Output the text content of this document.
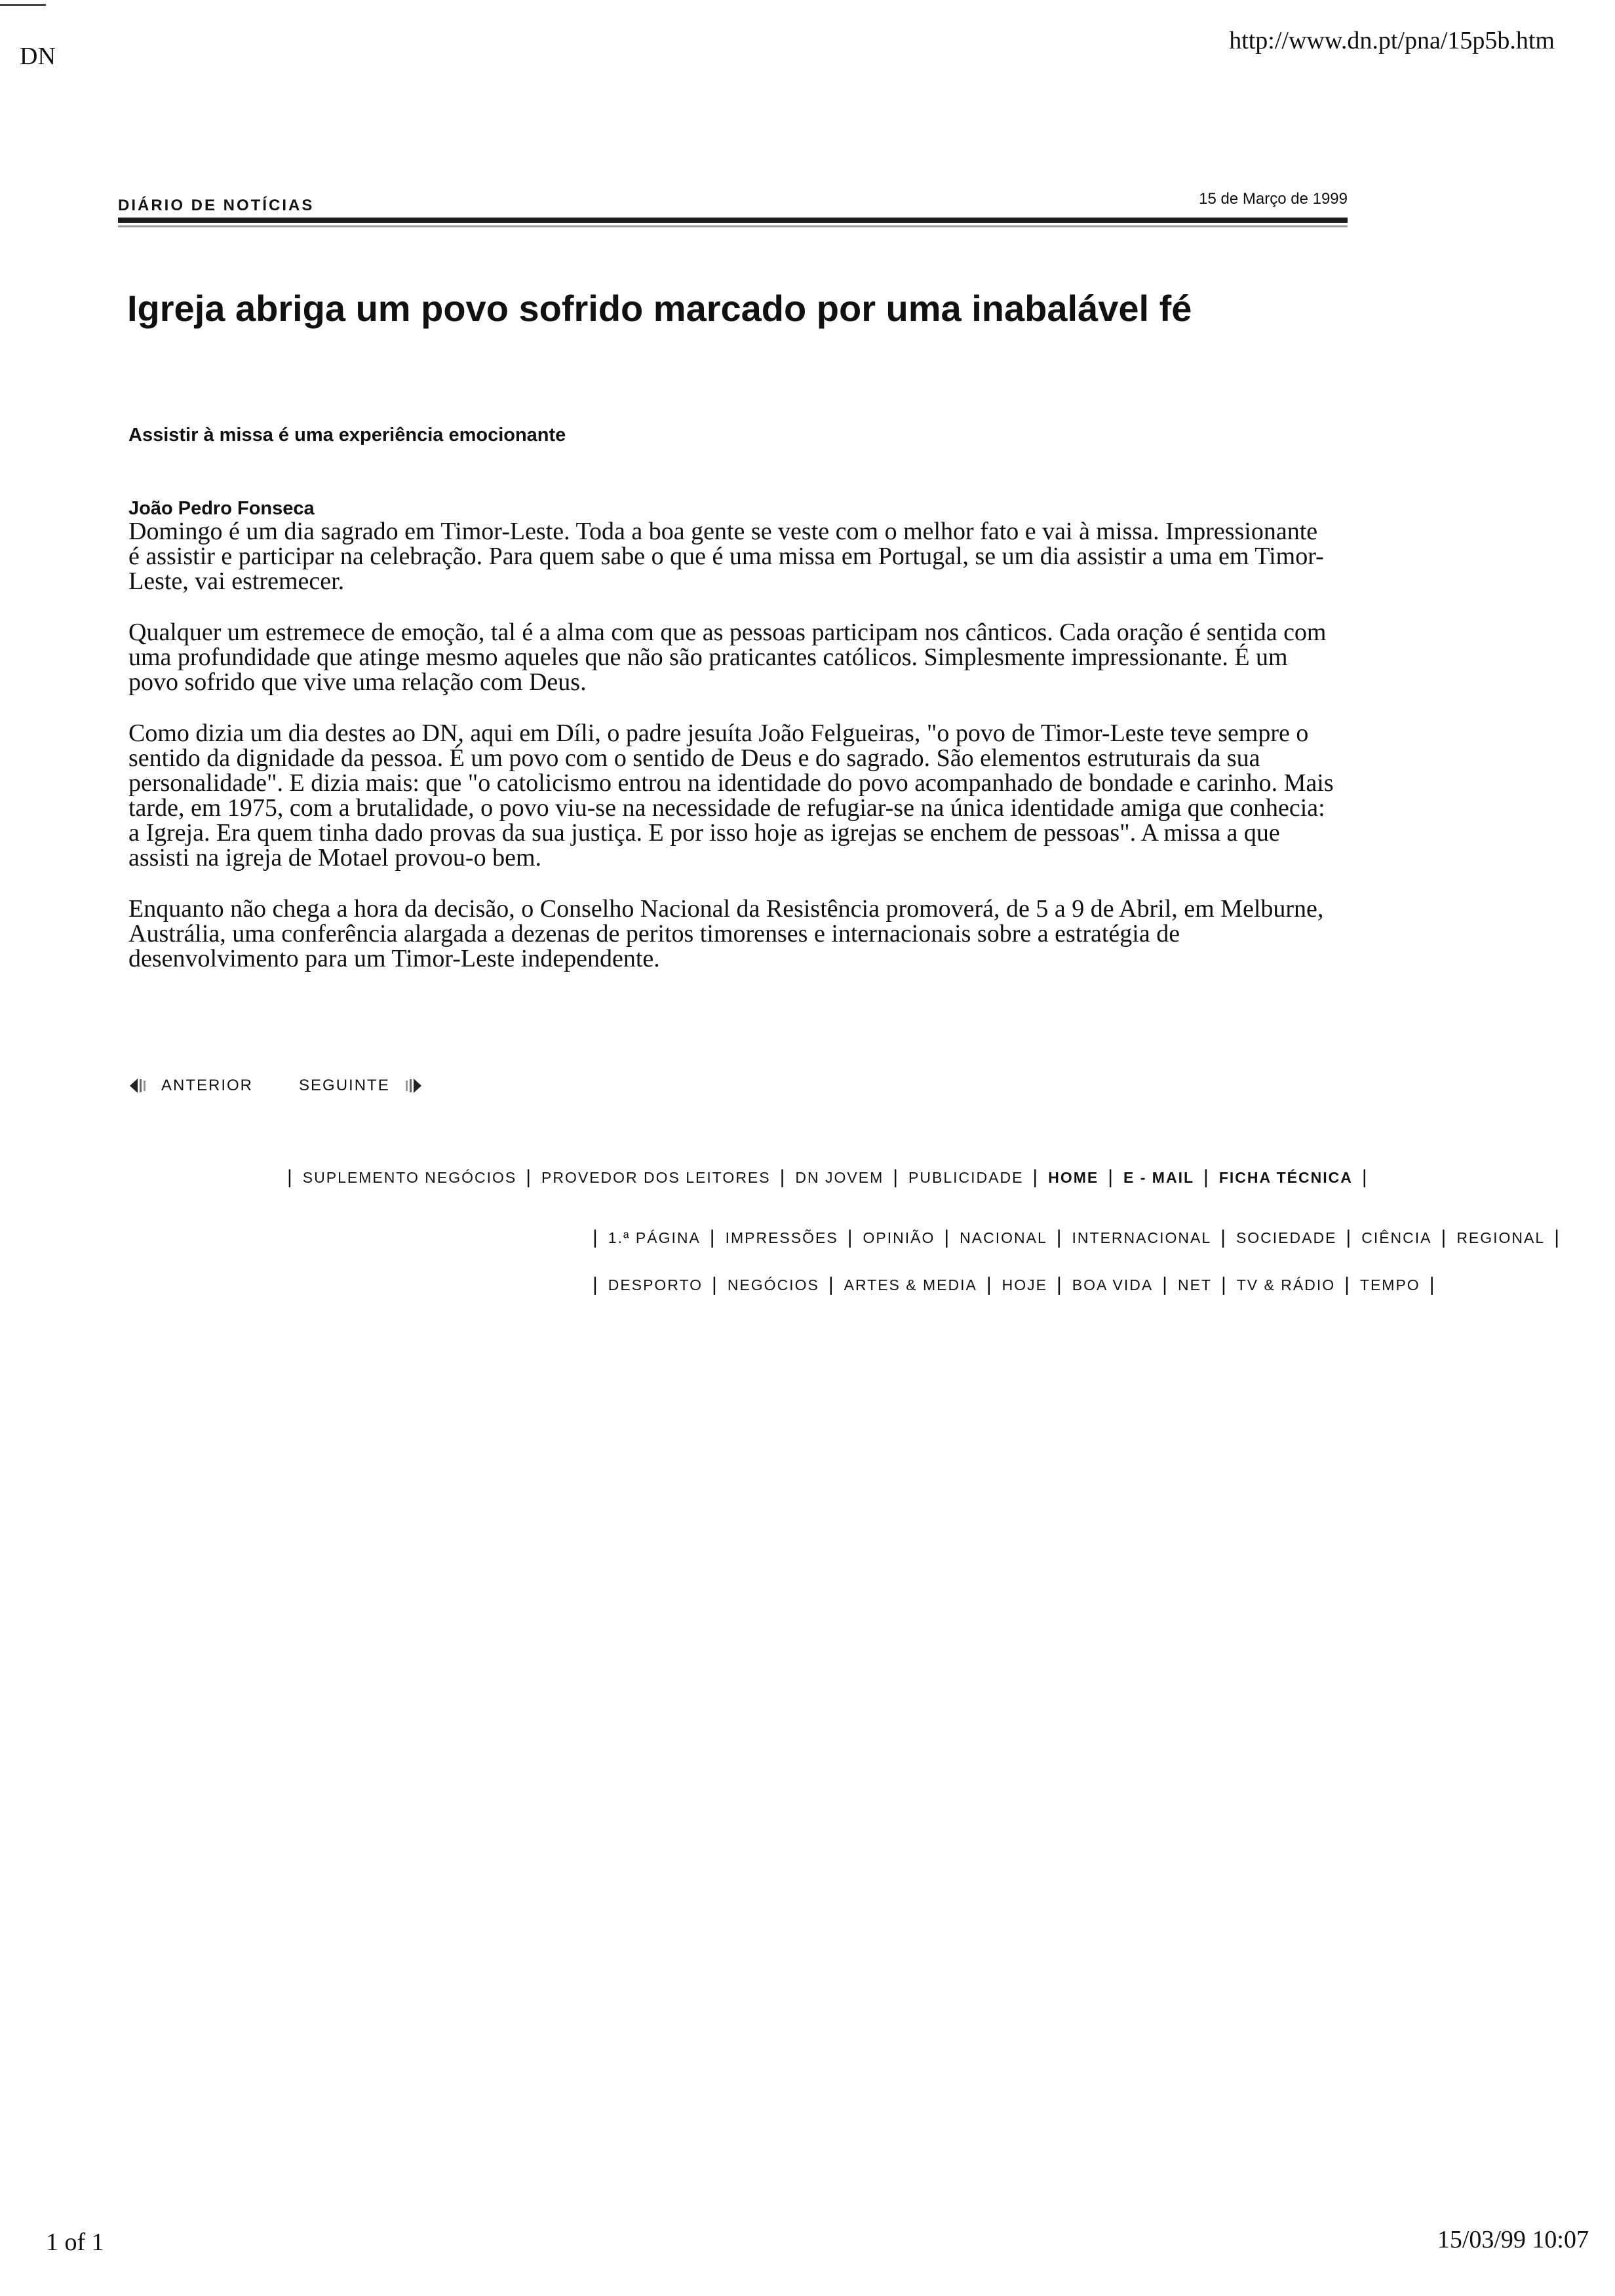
DN
http://www.dn.pt/pna/15p5b.htm
DIÁRIO DE NOTÍCIAS	15 de Março de 1999
Igreja abriga um povo sofrido marcado por uma inabalável fé
Assistir à missa é uma experiência emocionante
João Pedro Fonseca

Domingo é um dia sagrado em Timor-Leste. Toda a boa gente se veste com o melhor fato e vai à missa. Impressionante é assistir e participar na celebração. Para quem sabe o que é uma missa em Portugal, se um dia assistir a uma em Timor-Leste, vai estremecer.

Qualquer um estremece de emoção, tal é a alma com que as pessoas participam nos cânticos. Cada oração é sentida com uma profundidade que atinge mesmo aqueles que não são praticantes católicos. Simplesmente impressionante. É um povo sofrido que vive uma relação com Deus.

Como dizia um dia destes ao DN, aqui em Díli, o padre jesuíta João Felgueiras, "o povo de Timor-Leste teve sempre o sentido da dignidade da pessoa. É um povo com o sentido de Deus e do sagrado. São elementos estruturais da sua personalidade". E dizia mais: que "o catolicismo entrou na identidade do povo acompanhado de bondade e carinho. Mais tarde, em 1975, com a brutalidade, o povo viu-se na necessidade de refugiar-se na única identidade amiga que conhecia: a Igreja. Era quem tinha dado provas da sua justiça. E por isso hoje as igrejas se enchem de pessoas". A missa a que assisti na igreja de Motael provou-o bem.

Enquanto não chega a hora da decisão, o Conselho Nacional da Resistência promoverá, de 5 a 9 de Abril, em Melburne, Austrália, uma conferência alargada a dezenas de peritos timorenses e internacionais sobre a estratégia de desenvolvimento para um Timor-Leste independente.

ANTERIOR	SEGUINTE
| SUPLEMENTO NEGÓCIOS | PROVEDOR DOS LEITORES | DN JOVEM | PUBLICIDADE | HOME | E - MAIL | FICHA TÉCNICA |
| 1.ª PÁGINA | IMPRESSÕES | OPINIÃO | NACIONAL | INTERNACIONAL | SOCIEDADE | CIÊNCIA | REGIONAL |
| DESPORTO | NEGÓCIOS | ARTES & MEDIA | HOJE | BOA VIDA | NET | TV & RÁDIO | TEMPO |
1 of 1	15/03/99 10:07
